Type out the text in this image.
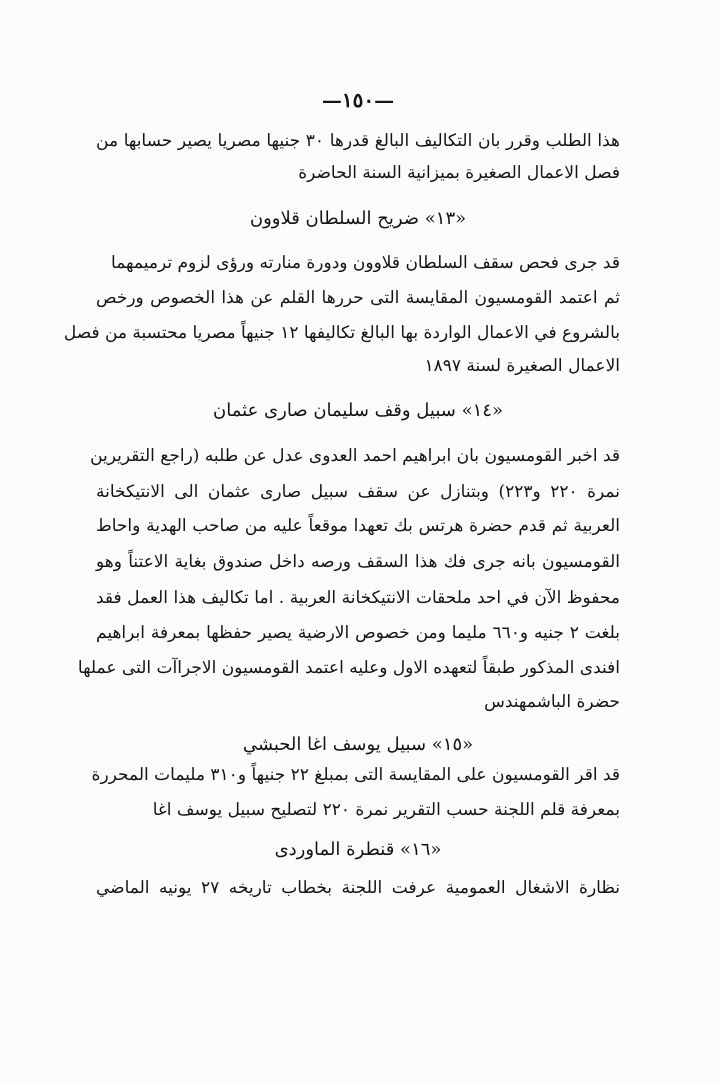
—١٥٠—
هذا الطلب وقرر بان التكاليف البالغ قدرها ٣٠ جنيها مصريا يصير حسابها من
فصل الاعمال الصغيرة بميزانية السنة الحاضرة
«١٣» ضريح السلطان قلاوون
قد جرى فحص سقف السلطان قلاوون ودورة منارته ورؤى لزوم ترميمهما
ثم اعتمد القومسيون المقايسة التى حررها القلم عن هذا الخصوص ورخص
بالشروع في الاعمال الواردة بها البالغ تكاليفها ١٢ جنيهاً مصريا محتسبة من فصل
الاعمال الصغيرة لسنة ١٨٩٧
«١٤» سبيل وقف سليمان صارى عثمان
قد اخبر القومسيون بان ابراهيم احمد العدوى عدل عن طلبه (راجع التقريرين
نمرة ٢٢٠ و٢٢٣) وبتنازل عن سقف سبيل صارى عثمان الى الانتيكخانة
العربية ثم قدم حضرة هرتس بك تعهدا موقعاً عليه من صاحب الهدية واحاط
القومسيون بانه جرى فك هذا السقف ورصه داخل صندوق بغاية الاعتناً وهو
محفوظ الآن في احد ملحقات الانتيكخانة العربية . اما تكاليف هذا العمل فقد
بلغت ٢ جنيه و٦٦٠ مليما ومن خصوص الارضية يصير حفظها بمعرفة ابراهيم
افندى المذكور طبقاً لتعهده الاول وعليه اعتمد القومسيون الاجراآت التى عملها
حضرة الباشمهندس
«١٥» سبيل يوسف اغا الحبشي
قد اقر القومسيون على المقايسة التى بمبلغ ٢٢ جنيهاً و٣١٠ مليمات المحررة
بمعرفة قلم اللجنة حسب التقرير نمرة ٢٢٠ لتصليح سبيل يوسف اغا
«١٦» قنطرة الماوردى
نظارة الاشغال العمومية عرفت اللجنة بخطاب تاريخه ٢٧ يونيه الماضي
